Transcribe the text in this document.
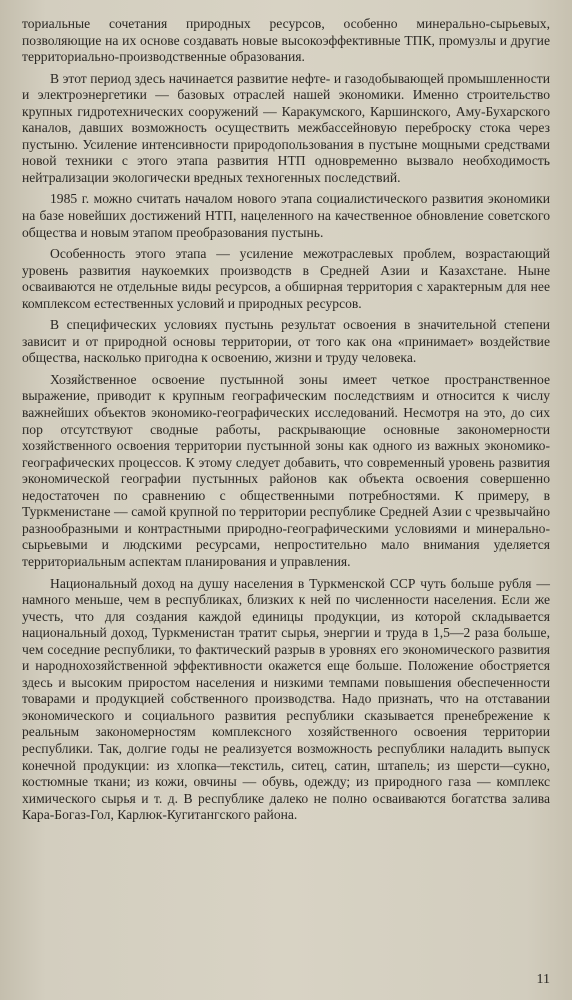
ториальные сочетания природных ресурсов, особенно минерально-сырьевых, позволяющие на их основе создавать новые высокоэффективные ТПК, промузлы и другие территориально-производственные образования.

В этот период здесь начинается развитие нефте- и газодобывающей промышленности и электроэнергетики — базовых отраслей нашей экономики. Именно строительство крупных гидротехнических сооружений — Каракумского, Каршинского, Аму-Бухарского каналов, давших возможность осуществить межбассейновую переброску стока через пустыню. Усиление интенсивности природопользования в пустыне мощными средствами новой техники с этого этапа развития НТП одновременно вызвало необходимость нейтрализации экологически вредных техногенных последствий.

1985 г. можно считать началом нового этапа социалистического развития экономики на базе новейших достижений НТП, нацеленного на качественное обновление советского общества и новым этапом преобразования пустынь.

Особенность этого этапа — усиление межотраслевых проблем, возрастающий уровень развития наукоемких производств в Средней Азии и Казахстане. Ныне осваиваются не отдельные виды ресурсов, а обширная территория с характерным для нее комплексом естественных условий и природных ресурсов.

В специфических условиях пустынь результат освоения в значительной степени зависит и от природной основы территории, от того как она «принимает» воздействие общества, насколько пригодна к освоению, жизни и труду человека.

Хозяйственное освоение пустынной зоны имеет четкое пространственное выражение, приводит к крупным географическим последствиям и относится к числу важнейших объектов экономико-географических исследований. Несмотря на это, до сих пор отсутствуют сводные работы, раскрывающие основные закономерности хозяйственного освоения территории пустынной зоны как одного из важных экономико-географических процессов. К этому следует добавить, что современный уровень развития экономической географии пустынных районов как объекта освоения совершенно недостаточен по сравнению с общественными потребностями. К примеру, в Туркменистане — самой крупной по территории республике Средней Азии с чрезвычайно разнообразными и контрастными природно-географическими условиями и минерально-сырьевыми и людскими ресурсами, непростительно мало внимания уделяется территориальным аспектам планирования и управления.

Национальный доход на душу населения в Туркменской ССР чуть больше рубля — намного меньше, чем в республиках, близких к ней по численности населения. Если же учесть, что для создания каждой единицы продукции, из которой складывается национальный доход, Туркменистан тратит сырья, энергии и труда в 1,5—2 раза больше, чем соседние республики, то фактический разрыв в уровнях его экономического развития и народнохозяйственной эффективности окажется еще больше. Положение обостряется здесь и высоким приростом населения и низкими темпами повышения обеспеченности товарами и продукцией собственного производства. Надо признать, что на отставании экономического и социального развития республики сказывается пренебрежение к реальным закономерностям комплексного хозяйственного освоения территории республики. Так, долгие годы не реализуется возможность республики наладить выпуск конечной продукции: из хлопка—текстиль, ситец, сатин, штапель; из шерсти—сукно, костюмные ткани; из кожи, овчины — обувь, одежду; из природного газа — комплекс химического сырья и т. д. В республике далеко не полно осваиваются богатства залива Кара-Богаз-Гол, Карлюк-Кугитангского района.

11
